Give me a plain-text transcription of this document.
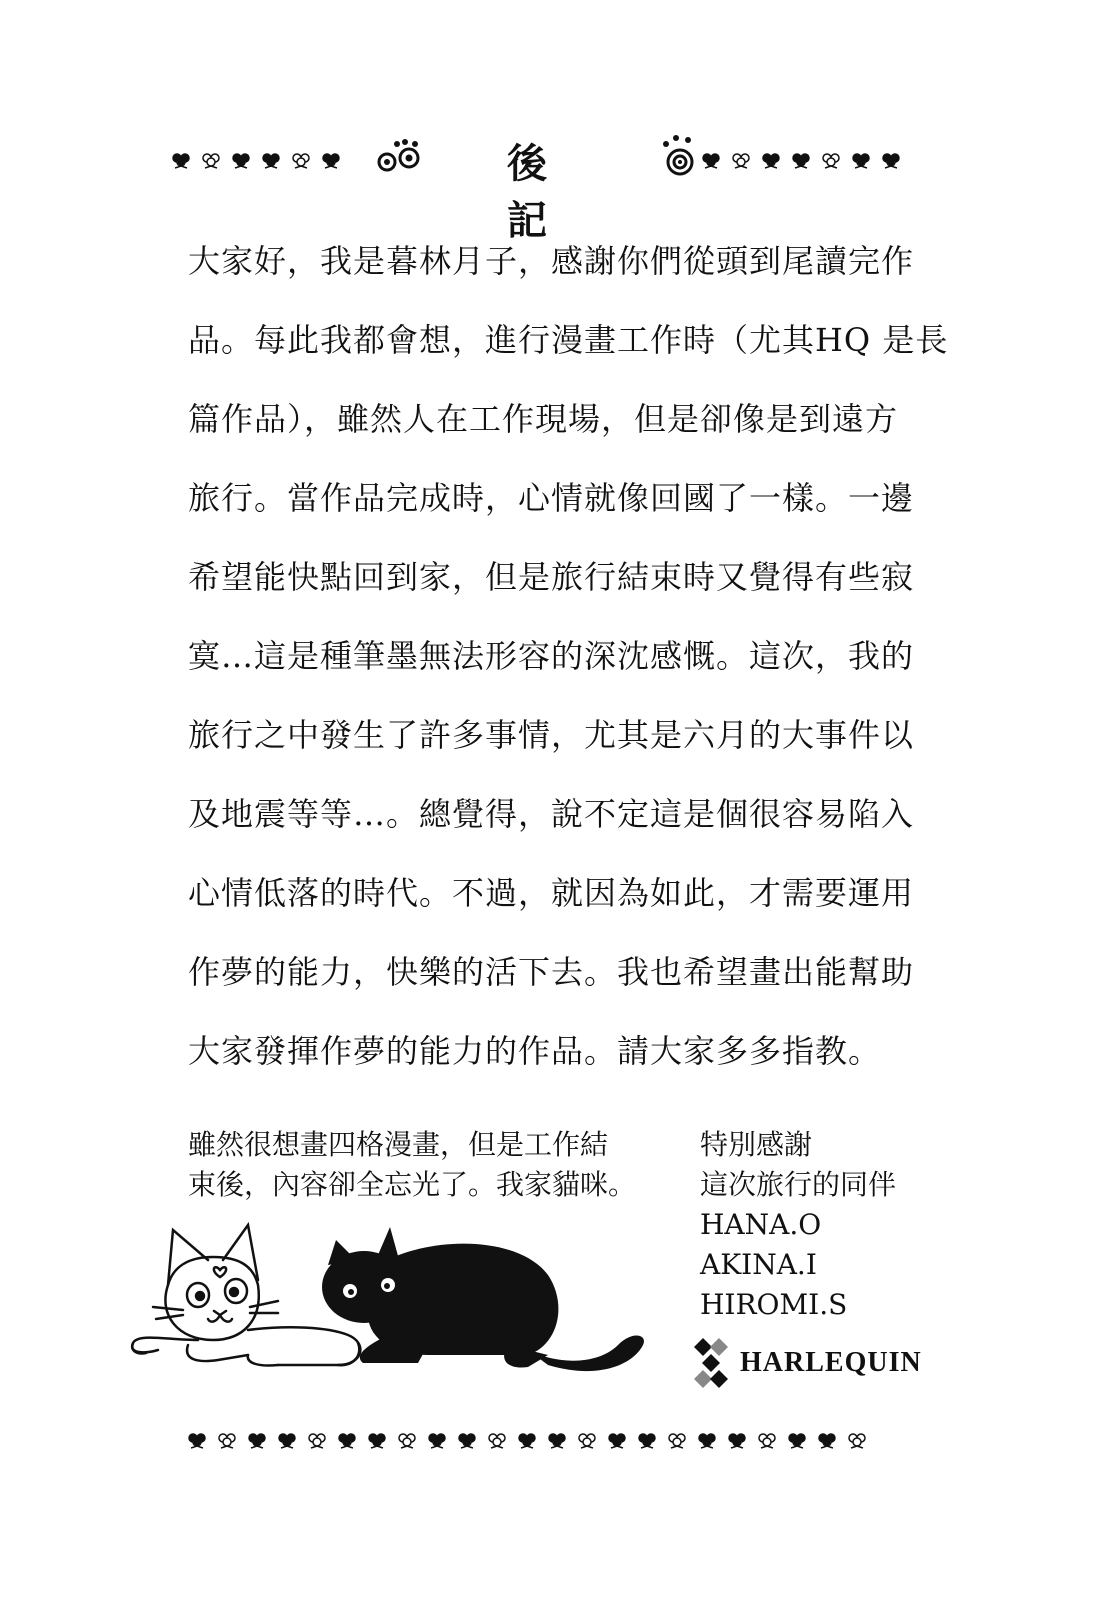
後 記

大家好，我是暮林月子，感謝你們從頭到尾讀完作

品。每此我都會想，進行漫畫工作時（尤其HQ 是長

篇作品），雖然人在工作現場，但是卻像是到遠方

旅行。當作品完成時，心情就像回國了一樣。一邊

希望能快點回到家，但是旅行結束時又覺得有些寂

寞…這是種筆墨無法形容的深沈感慨。這次，我的

旅行之中發生了許多事情，尤其是六月的大事件以

及地震等等…。總覺得，說不定這是個很容易陷入

心情低落的時代。不過，就因為如此，才需要運用

作夢的能力，快樂的活下去。我也希望畫出能幫助

大家發揮作夢的能力的作品。請大家多多指教。

雖然很想畫四格漫畫，但是工作結

束後，內容卻全忘光了。我家貓咪。

特別感謝

這次旅行的同伴

HANA.O

AKINA.I

HIROMI.S

HARLEQUIN
